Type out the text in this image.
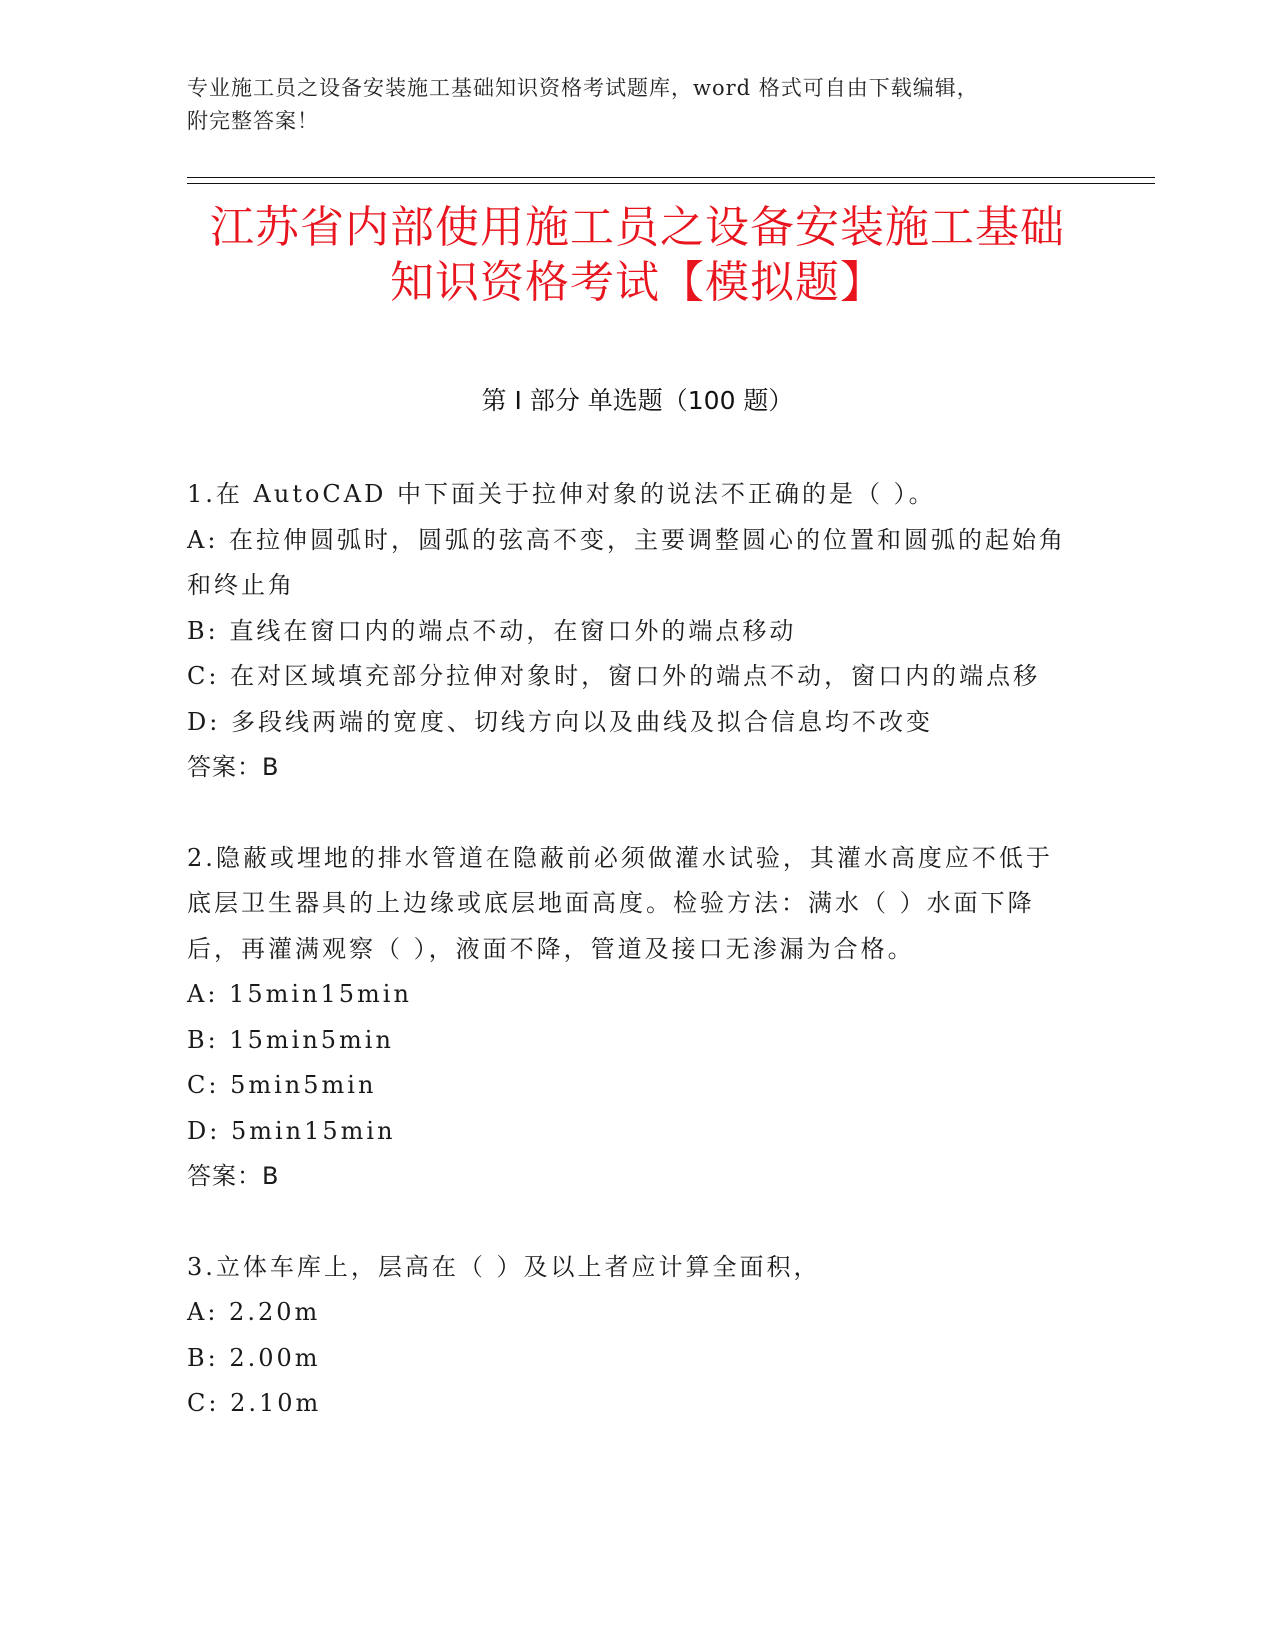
专业施工员之设备安装施工基础知识资格考试题库，word 格式可自由下载编辑，
附完整答案！
江苏省内部使用施工员之设备安装施工基础
知识资格考试【模拟题】
第 I 部分 单选题（100 题）
1.在 AutoCAD 中下面关于拉伸对象的说法不正确的是（ ）。
A: 在拉伸圆弧时，圆弧的弦高不变，主要调整圆心的位置和圆弧的起始角和终止角
B: 直线在窗口内的端点不动，在窗口外的端点移动
C: 在对区域填充部分拉伸对象时，窗口外的端点不动，窗口内的端点移
D: 多段线两端的宽度、切线方向以及曲线及拟合信息均不改变
答案：B
2.隐蔽或埋地的排水管道在隐蔽前必须做灌水试验，其灌水高度应不低于底层卫生器具的上边缘或底层地面高度。检验方法：满水（ ）水面下降后，再灌满观察（ ），液面不降，管道及接口无渗漏为合格。
A: 15min15min
B: 15min5min
C: 5min5min
D: 5min15min
答案：B
3.立体车库上，层高在（ ）及以上者应计算全面积，
A: 2.20m
B: 2.00m
C: 2.10m
